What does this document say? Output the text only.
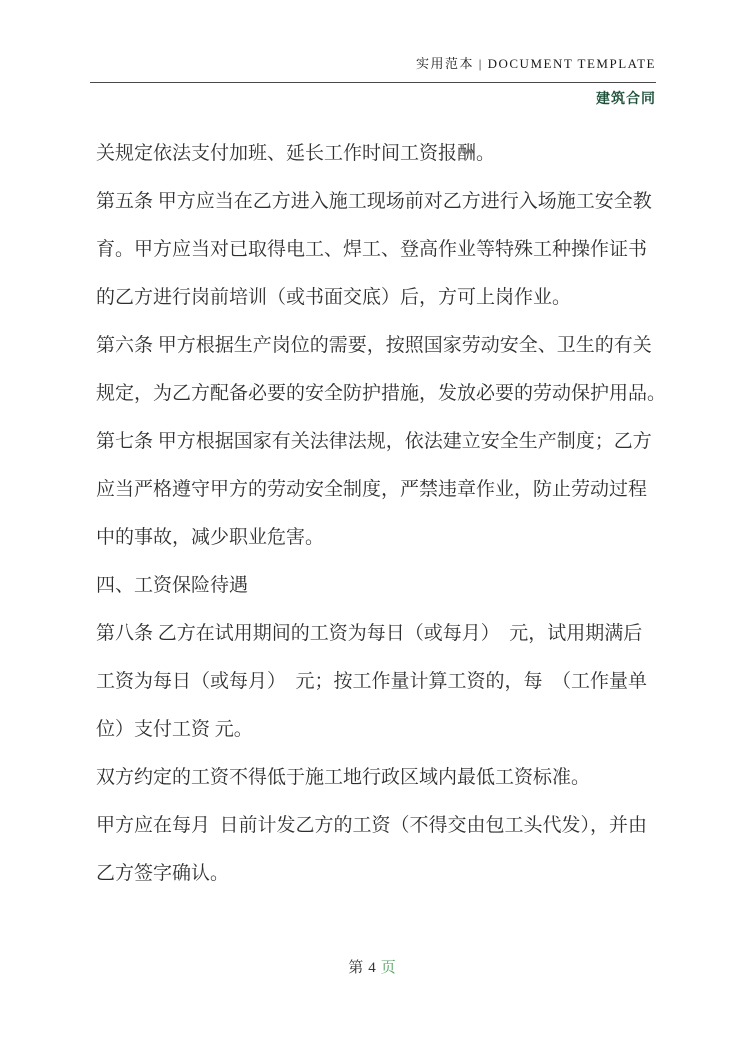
实用范本 | DOCUMENT TEMPLATE
建筑合同
关规定依法支付加班、延长工作时间工资报酬。
第五条 甲方应当在乙方进入施工现场前对乙方进行入场施工安全教
育。甲方应当对已取得电工、焊工、登高作业等特殊工种操作证书
的乙方进行岗前培训（或书面交底）后，方可上岗作业。
第六条 甲方根据生产岗位的需要，按照国家劳动安全、卫生的有关
规定，为乙方配备必要的安全防护措施，发放必要的劳动保护用品。
第七条 甲方根据国家有关法律法规，依法建立安全生产制度；乙方
应当严格遵守甲方的劳动安全制度，严禁违章作业，防止劳动过程
中的事故，减少职业危害。
四、工资保险待遇
第八条 乙方在试用期间的工资为每日（或每月）  元，试用期满后
工资为每日（或每月）  元；按工作量计算工资的，每  （工作量单
位）支付工资 元。
双方约定的工资不得低于施工地行政区域内最低工资标准。
甲方应在每月  日前计发乙方的工资（不得交由包工头代发），并由
乙方签字确认。
第 4 页
